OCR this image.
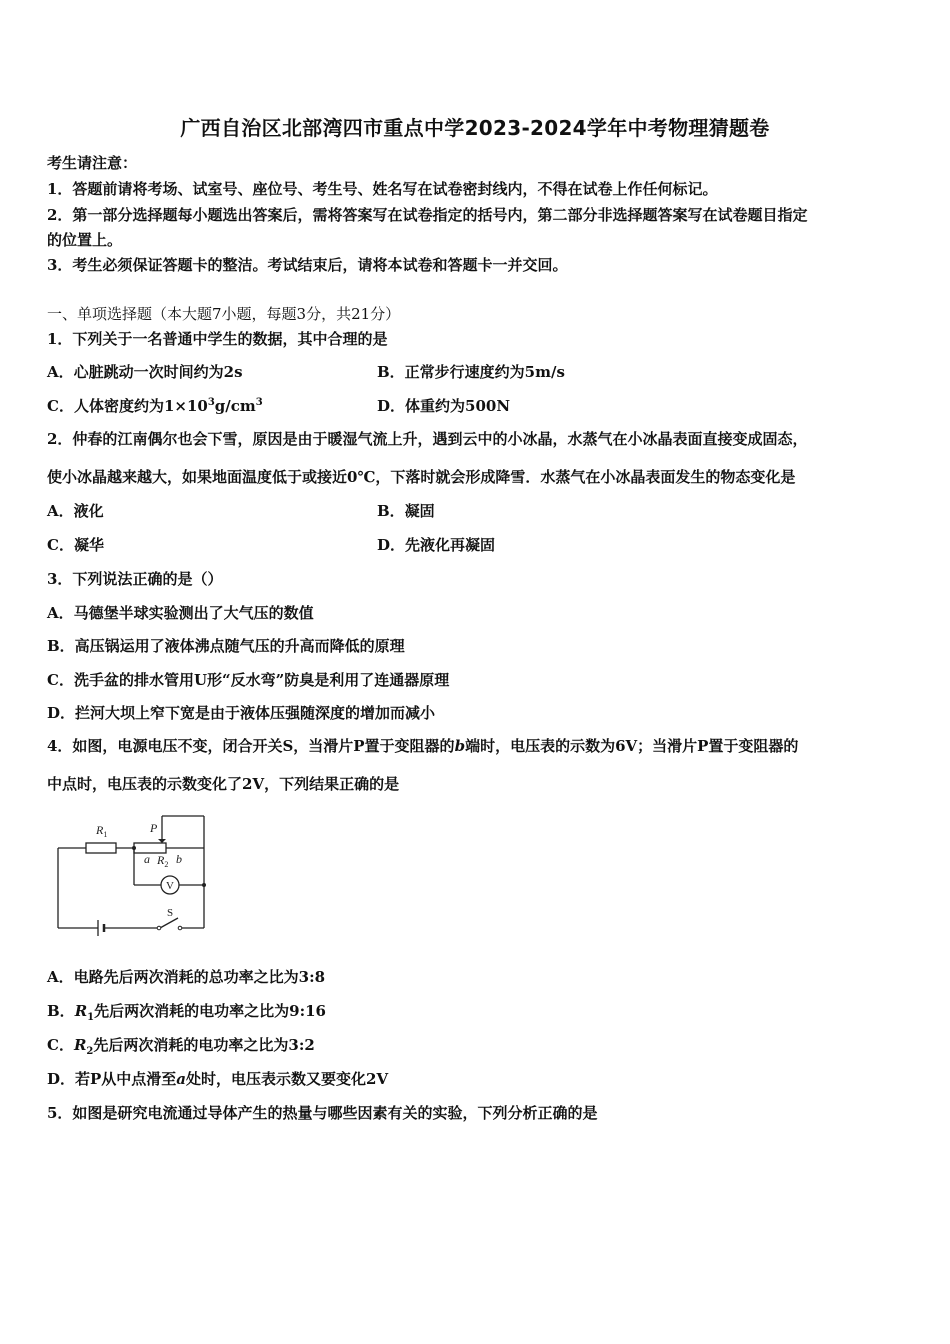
广西自治区北部湾四市重点中学2023-2024学年中考物理猜题卷
考生请注意：
1．答题前请将考场、试室号、座位号、考生号、姓名写在试卷密封线内，不得在试卷上作任何标记。
2．第一部分选择题每小题选出答案后，需将答案写在试卷指定的括号内，第二部分非选择题答案写在试卷题目指定
的位置上。
3．考生必须保证答题卡的整洁。考试结束后，请将本试卷和答题卡一并交回。
一、单项选择题（本大题7小题，每题3分，共21分）
1．下列关于一名普通中学生的数据，其中合理的是
A．心脏跳动一次时间约为2s	B．正常步行速度约为5m/s
C．人体密度约为$1\times 10^3g/cm^3$	D．体重约为500N
2．仲春的江南偶尔也会下雪，原因是由于暖湿气流上升，遇到云中的小冰晶，水蒸气在小冰晶表面直接变成固态，
使小冰晶越来越大，如果地面温度低于或接近0℃，下落时就会形成降雪．水蒸气在小冰晶表面发生的物态变化是
A．液化	B．凝固
C．凝华	D．先液化再凝固
3．下列说法正确的是（）
A．马德堡半球实验测出了大气压的数值
B．高压锅运用了液体沸点随气压的升高而降低的原理
C．洗手盆的排水管用U形“反水弯”防臭是利用了连通器原理
D．拦河大坝上窄下宽是由于液体压强随深度的增加而减小
4．如图，电源电压不变，闭合开关S，当滑片P置于变阻器的b端时，电压表的示数为6V；当滑片P置于变阻器的
中点时，电压表的示数变化了2V，下列结果正确的是
$R_1$	P
a $R_2$ b
V
S
A．电路先后两次消耗的总功率之比为3:8
B．$R_1$先后两次消耗的电功率之比为9:16
C．$R_2$先后两次消耗的电功率之比为3:2
D．若P从中点滑至a处时，电压表示数又要变化2V
5．如图是研究电流通过导体产生的热量与哪些因素有关的实验，下列分析正确的是
